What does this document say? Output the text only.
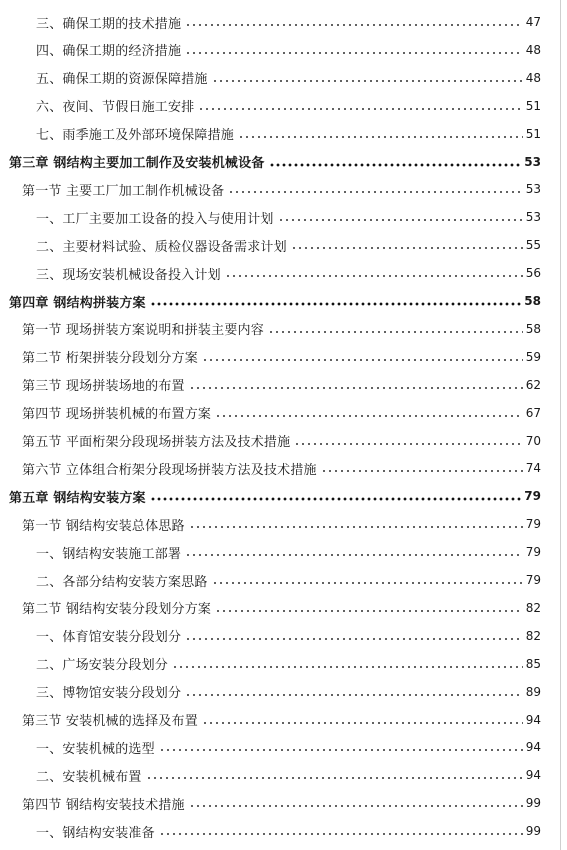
三、确保工期的技术措施	47
四、确保工期的经济措施	48
五、确保工期的资源保障措施	48
六、夜间、节假日施工安排	51
七、雨季施工及外部环境保障措施	51
第三章 钢结构主要加工制作及安装机械设备	53
第一节 主要工厂加工制作机械设备	53
一、工厂主要加工设备的投入与使用计划	53
二、主要材料试验、质检仪器设备需求计划	55
三、现场安装机械设备投入计划	56
第四章 钢结构拼装方案	58
第一节 现场拼装方案说明和拼装主要内容	58
第二节 桁架拼装分段划分方案	59
第三节 现场拼装场地的布置	62
第四节 现场拼装机械的布置方案	67
第五节 平面桁架分段现场拼装方法及技术措施	70
第六节 立体组合桁架分段现场拼装方法及技术措施	74
第五章 钢结构安装方案	79
第一节 钢结构安装总体思路	79
一、钢结构安装施工部署	79
二、各部分结构安装方案思路	79
第二节 钢结构安装分段划分方案	82
一、体育馆安装分段划分	82
二、广场安装分段划分	85
三、博物馆安装分段划分	89
第三节 安装机械的选择及布置	94
一、安装机械的选型	94
二、安装机械布置	94
第四节 钢结构安装技术措施	99
一、钢结构安装准备	99
